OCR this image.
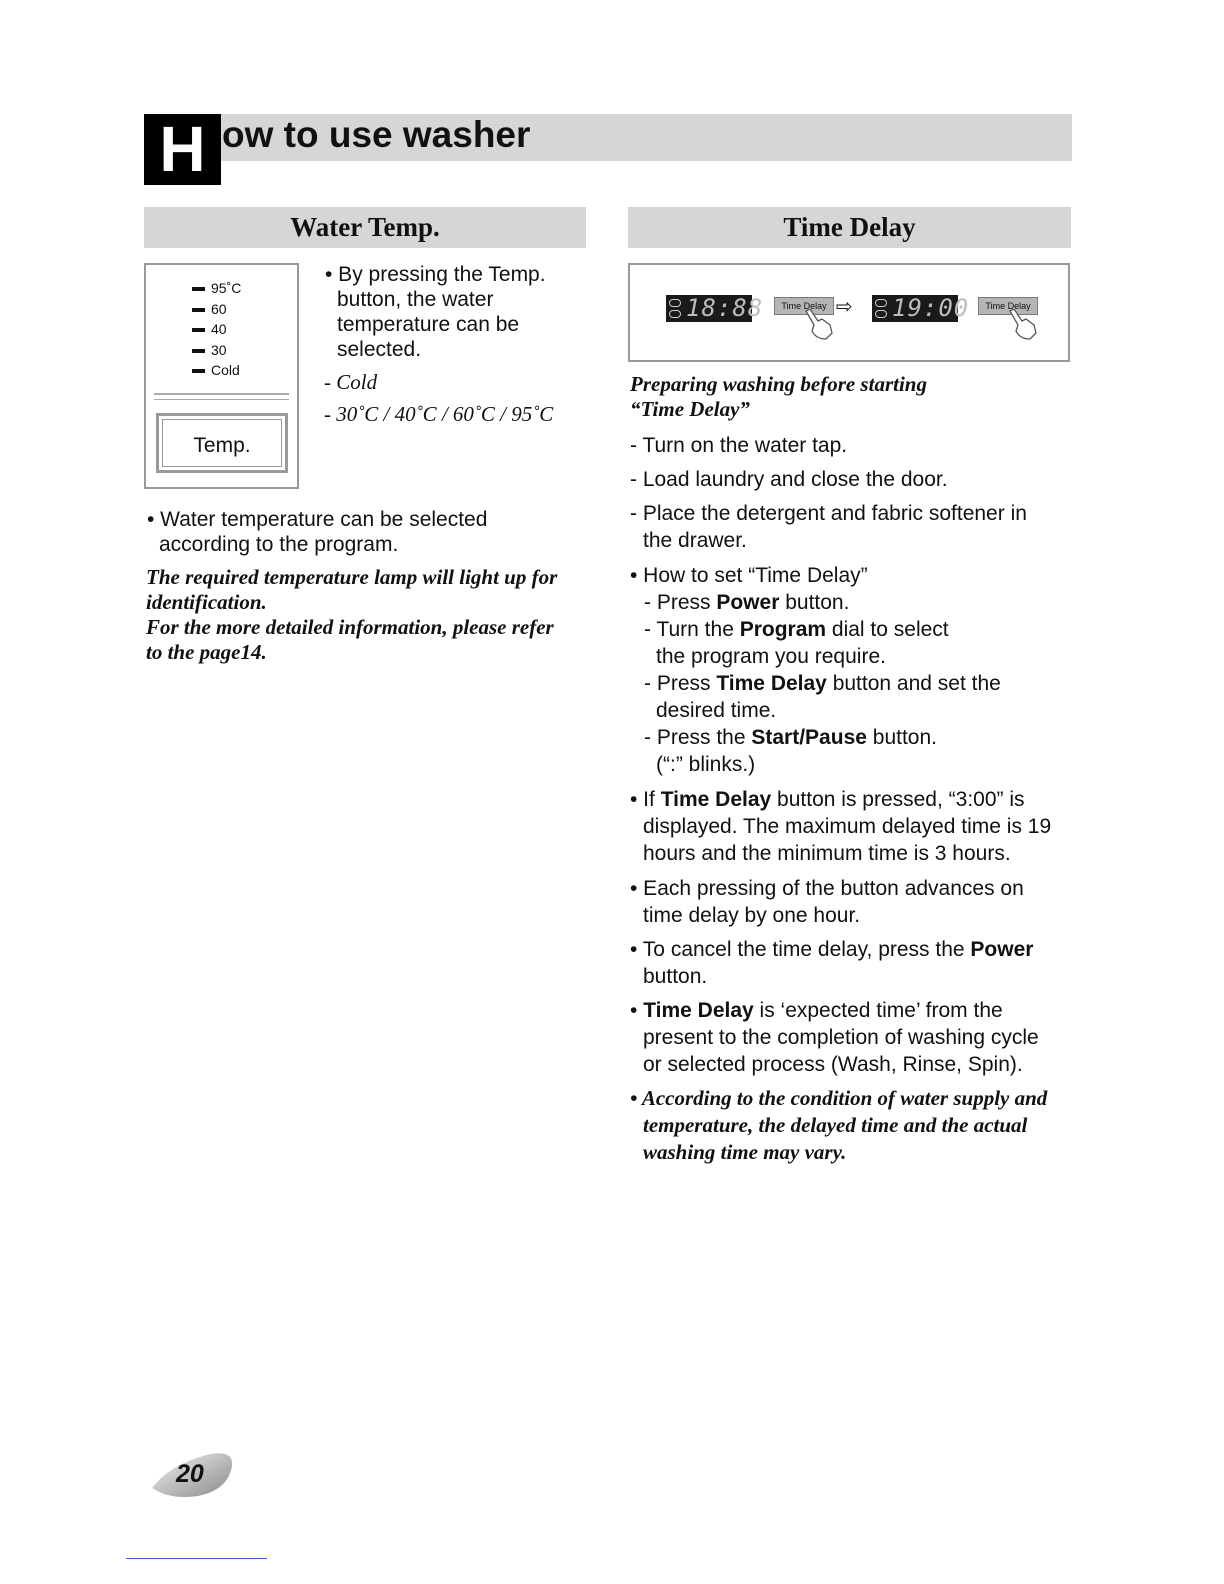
H ow to use washer
Water Temp.	Time Delay
95˚C
60
40
30
Cold
Temp.
• By pressing the Temp.
button, the water
temperature can be
selected.
- Cold
- 30˚C / 40˚C / 60˚C / 95˚C
• Water temperature can be selected
according to the program.
The required temperature lamp will light up for
identification.
For the more detailed information, please refer
to the page14.
18:88	Time Delay ⇨ 19:00	Time Delay
Preparing washing before starting
“Time Delay”
- Turn on the water tap.
- Load laundry and close the door.
- Place the detergent and fabric softener in
the drawer.
• How to set “Time Delay”
- Press Power button.
- Turn the Program dial to select
the program you require.
- Press Time Delay button and set the
desired time.
- Press the Start/Pause button.
(“:” blinks.)
• If Time Delay button is pressed, “3:00” is
displayed. The maximum delayed time is 19
hours and the minimum time is 3 hours.
• Each pressing of the button advances on
time delay by one hour.
• To cancel the time delay, press the Power
button.
• Time Delay is ‘expected time’ from the
present to the completion of washing cycle
or selected process (Wash, Rinse, Spin).
• According to the condition of water supply and
temperature, the delayed time and the actual
washing time may vary.
20
